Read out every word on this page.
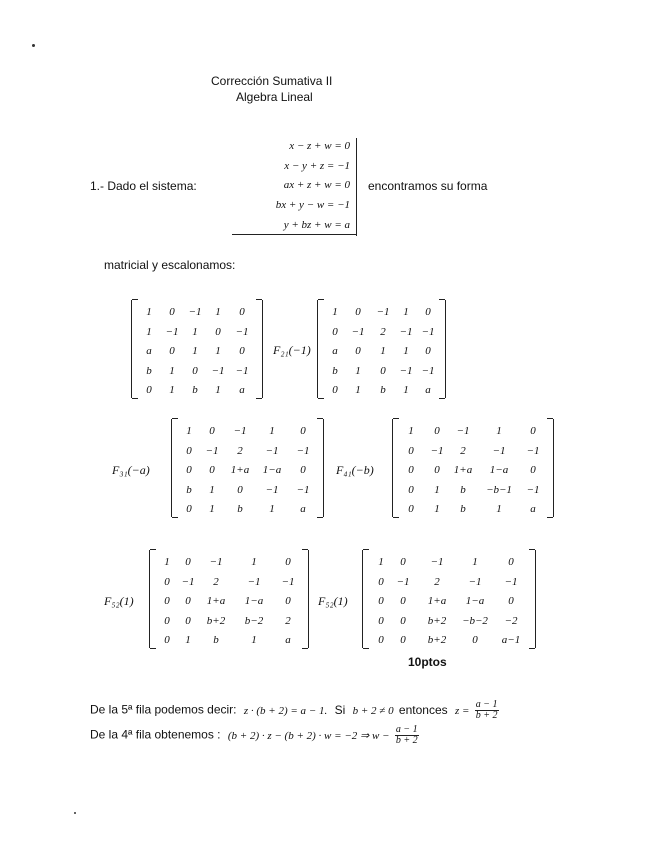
Corrección Sumativa II
Algebra Lineal
x − z + w = 0
x − y + z = −1
ax + z + w = 0
bx + y − w = −1
y + bz + w = a
1.- Dado el sistema:	encontramos su forma
matricial y escalonamos:
F₂₁(−1)
F₃₁(−a)	F₄₁(−b)
F₅₂(1)	F₅₂(1)
1 0 −1 1 0
1 −1 1 0 −1
a 0 1 1 0
b 1 0 −1 −1
0 1 b 1 a
1 0 −1 1 0
0 −1 2 −1 −1
a 0 1 1 0
b 1 0 −1 −1
0 1 b 1 a
1 0 −1 1 0
0 −1 2 −1 −1
0 0 1+a 1−a 0
b 1 0 −1 −1
0 1 b 1 a
1 0 −1 1	0
0 −1 2 −1 −1
0 0 1+a 1−a 0
0 1 b −b−1 −1
0 1 b	1	a
1 0 −1	1	0
0 −1 2	−1 −1
0 0 1+a 1−a 0
0 0 b+2 b−2 2
0 1 b	1	a
1 0 −1	1	0
0 −1 2	−1 −1
0 0 1+a 1−a 0
0 0 b+2 −b−2 −2
0 0 b+2 0 a−1
10ptos
De la 5ª fila podemos decir: z · (b + 2) = a − 1. Si b + 2 ≠ 0 entonces $z = \frac{a - 1}{b + 2}$
De la 4ª fila obtenemos : (b + 2) · z − (b + 2) · w = −2 ⇒ $w - \frac{a - 1}{b + 2}$
